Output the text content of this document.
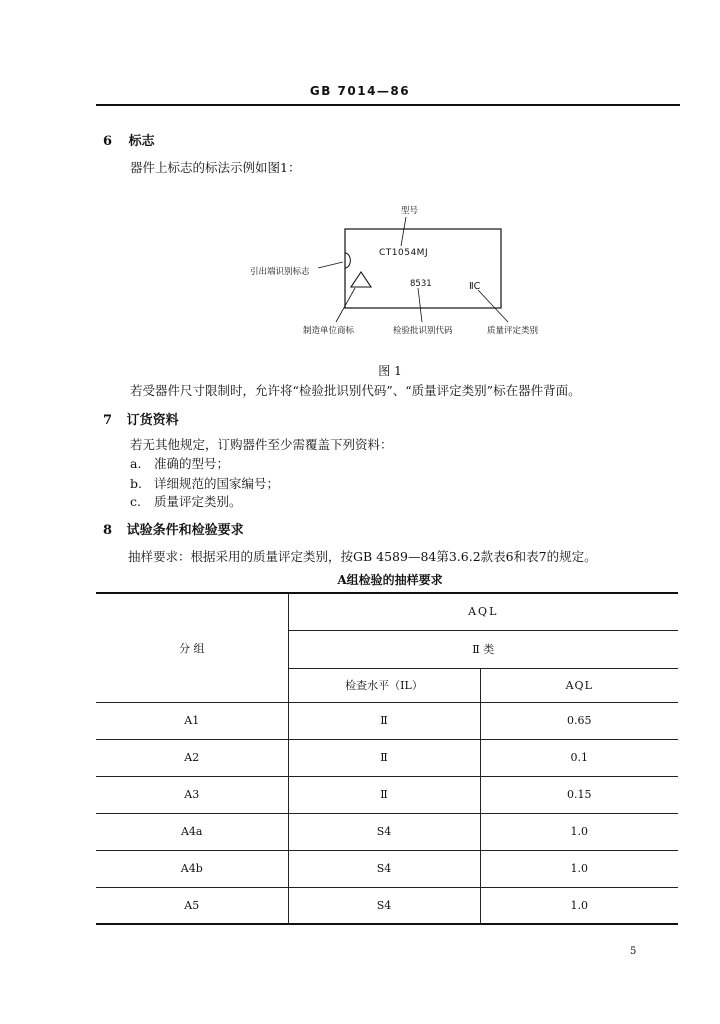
GB 7014—86
6 标志
器件上标志的标法示例如图1：
型号
CT1054MJ
引出端识别标志
8531	ⅡC
制造单位商标	检验批识别代码	质量评定类别
图 1
若受器件尺寸限制时，允许将“检验批识别代码”、“质量评定类别”标在器件背面。
7 订货资料
若无其他规定，订购器件至少需覆盖下列资料：
a. 准确的型号；
b. 详细规范的国家编号；
c. 质量评定类别。
8 试验条件和检验要求
抽样要求：根据采用的质量评定类别，按GB 4589—84第3.6.2款表6和表7的规定。
A组检验的抽样要求
分 组	AQL	
	Ⅱ 类	
	检查水平（IL）	AQL
A1	Ⅱ	0.65
A2	Ⅱ	0.1
A3	Ⅱ	0.15
A4a	S4	1.0
A4b	S4	1.0
A5	S4	1.0
5
